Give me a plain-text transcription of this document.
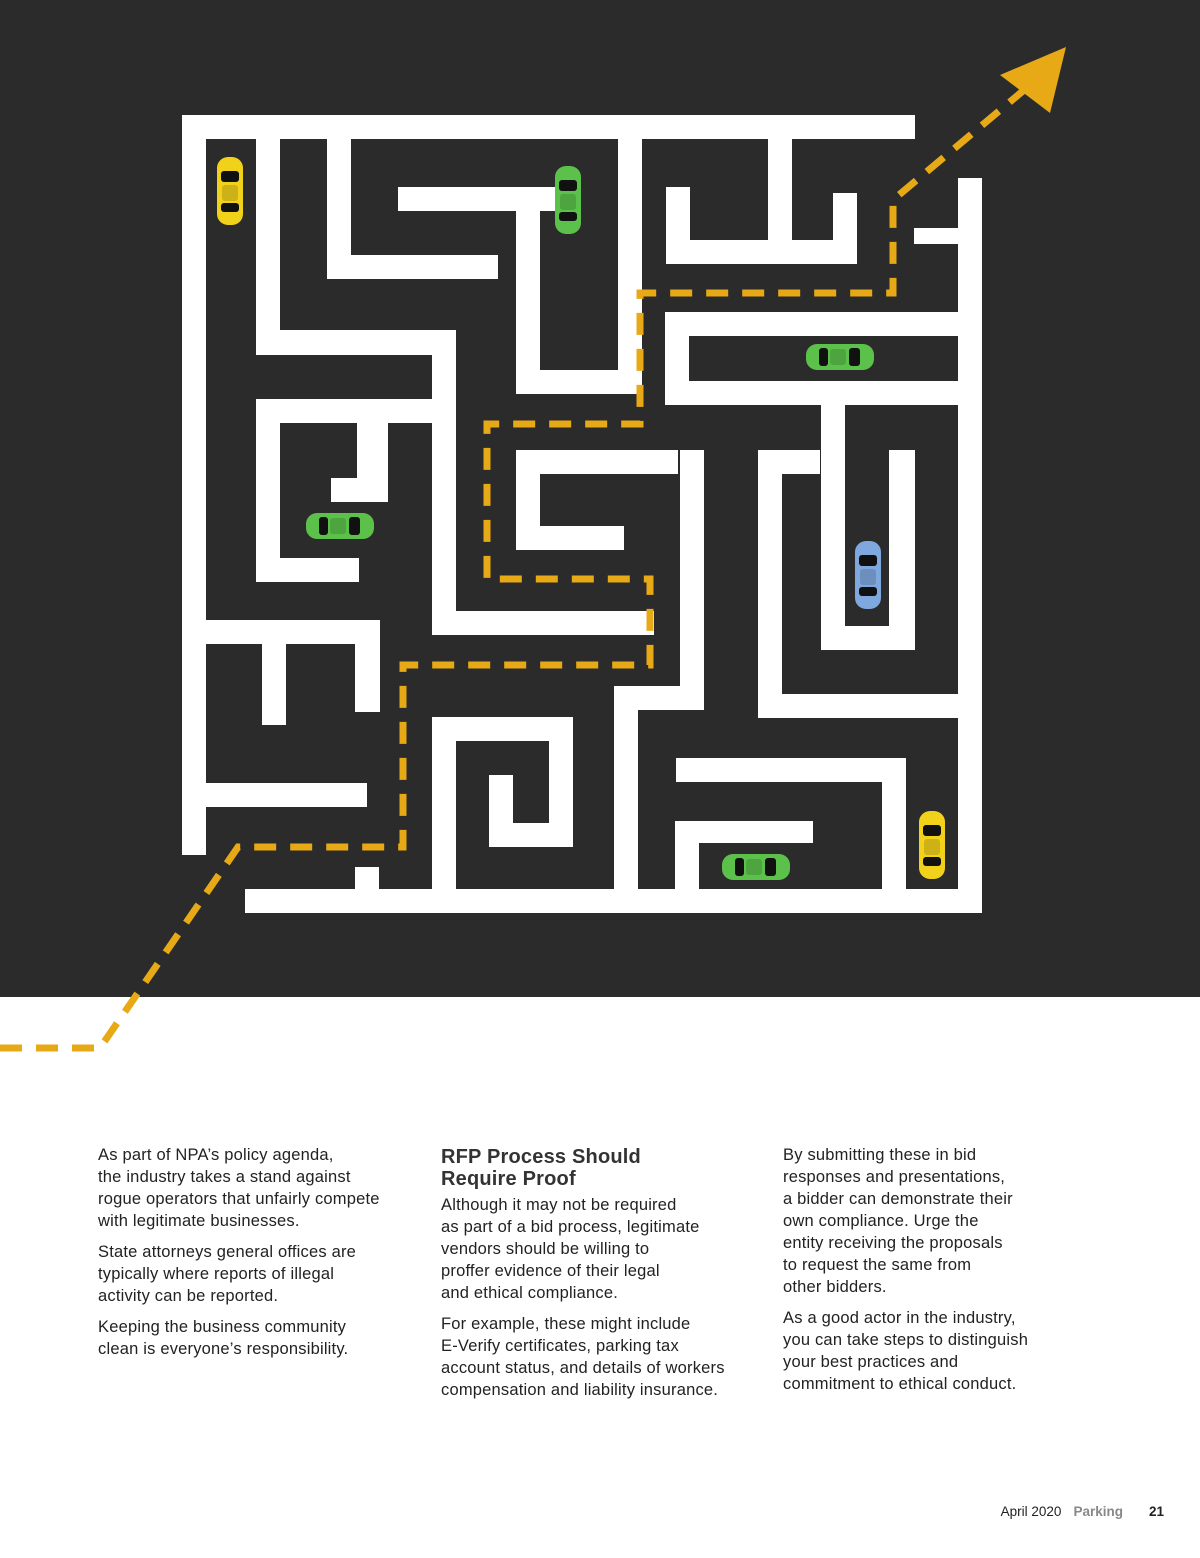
As part of NPA’s policy agenda,
the industry takes a stand against
rogue operators that unfairly compete
with legitimate businesses.

State attorneys general offices are
typically where reports of illegal
activity can be reported.

Keeping the business community
clean is everyone’s responsibility.

RFP Process Should
Require Proof

Although it may not be required
as part of a bid process, legitimate
vendors should be willing to
proffer evidence of their legal
and ethical compliance.

For example, these might include
E-Verify certificates, parking tax
account status, and details of workers
compensation and liability insurance.

By submitting these in bid
responses and presentations,
a bidder can demonstrate their
own compliance. Urge the
entity receiving the proposals
to request the same from
other bidders.

As a good actor in the industry,
you can take steps to distinguish
your best practices and
commitment to ethical conduct.

April 2020 Parking 21
